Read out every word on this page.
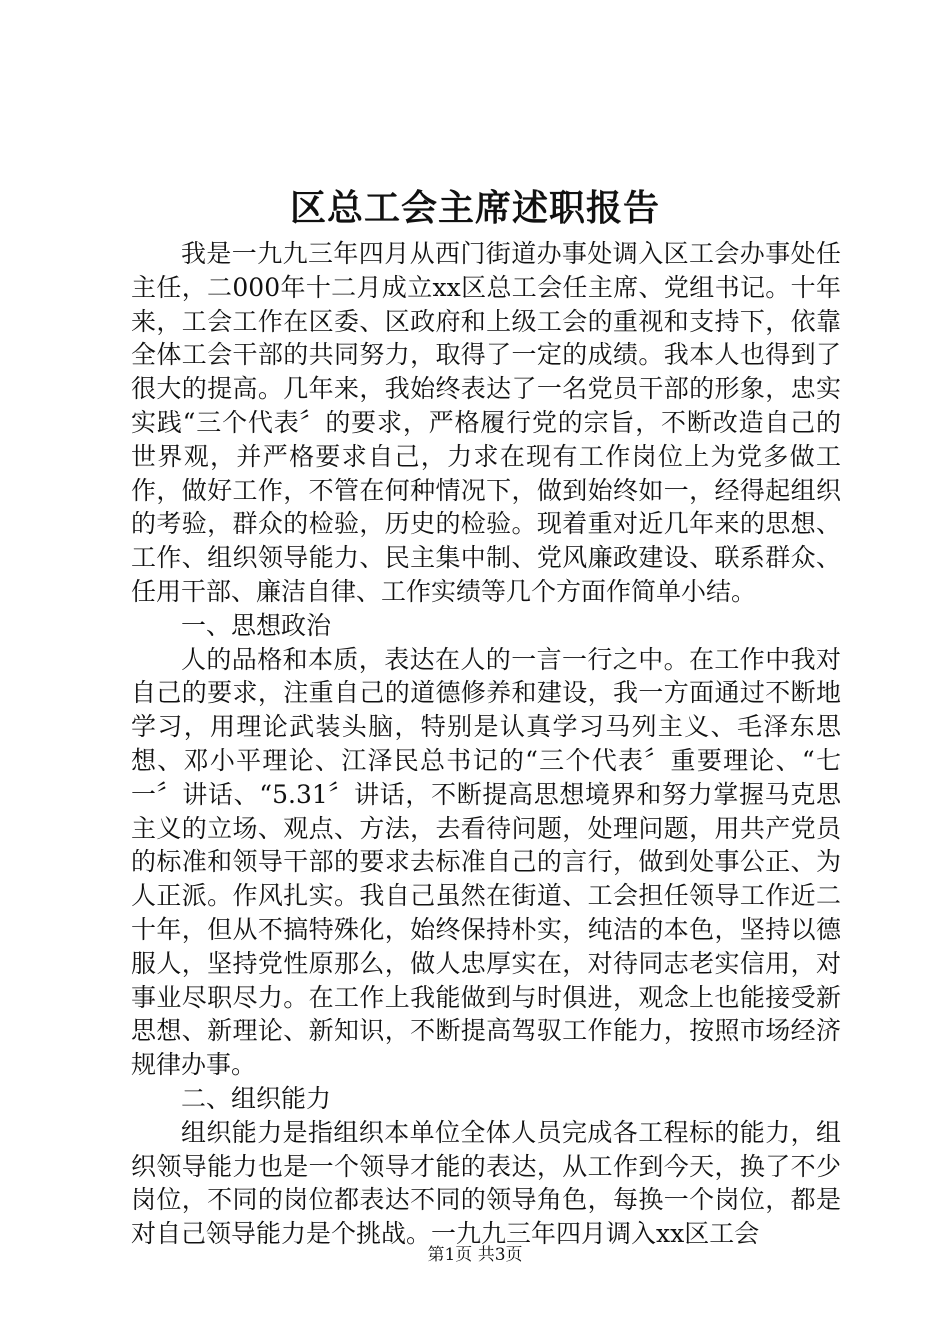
区总工会主席述职报告

我是一九九三年四月从西门街道办事处调入区工会办事处任主任，二000年十二月成立xx区总工会任主席、党组书记。十年来，工会工作在区委、区政府和上级工会的重视和支持下，依靠全体工会干部的共同努力，取得了一定的成绩。我本人也得到了很大的提高。几年来，我始终表达了一名党员干部的形象，忠实实践“三个代表〞的要求，严格履行党的宗旨，不断改造自己的世界观，并严格要求自己，力求在现有工作岗位上为党多做工作，做好工作，不管在何种情况下，做到始终如一，经得起组织的考验，群众的检验，历史的检验。现着重对近几年来的思想、工作、组织领导能力、民主集中制、党风廉政建设、联系群众、任用干部、廉洁自律、工作实绩等几个方面作简单小结。

一、思想政治

人的品格和本质，表达在人的一言一行之中。在工作中我对自己的要求，注重自己的道德修养和建设，我一方面通过不断地学习，用理论武装头脑，特别是认真学习马列主义、毛泽东思想、邓小平理论、江泽民总书记的“三个代表〞重要理论、“七一〞讲话、“5.31〞讲话，不断提高思想境界和努力掌握马克思主义的立场、观点、方法，去看待问题，处理问题，用共产党员的标准和领导干部的要求去标准自己的言行，做到处事公正、为人正派。作风扎实。我自己虽然在街道、工会担任领导工作近二十年，但从不搞特殊化，始终保持朴实，纯洁的本色，坚持以德服人，坚持党性原那么，做人忠厚实在，对待同志老实信用，对事业尽职尽力。在工作上我能做到与时俱进，观念上也能接受新思想、新理论、新知识，不断提高驾驭工作能力，按照市场经济规律办事。

二、组织能力

组织能力是指组织本单位全体人员完成各工程标的能力，组织领导能力也是一个领导才能的表达，从工作到今天，换了不少岗位，不同的岗位都表达不同的领导角色，每换一个岗位，都是对自己领导能力是个挑战。一九九三年四月调入xx区工会

第1页 共3页
